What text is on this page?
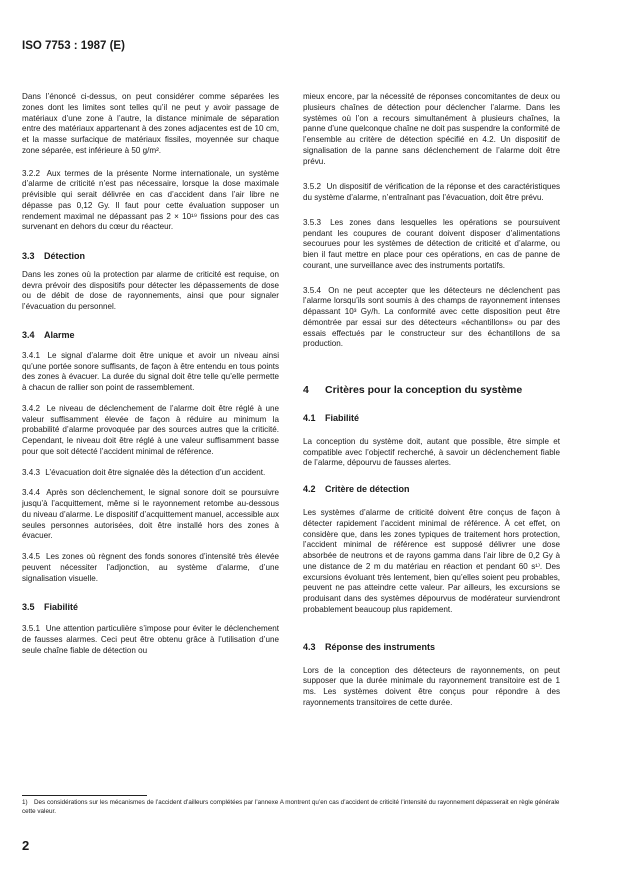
ISO 7753 : 1987 (E)

Dans l’énoncé ci-dessus, on peut considérer comme séparées les zones dont les limites sont telles qu’il ne peut y avoir passage de matériaux d’une zone à l’autre, la distance minimale de séparation entre des matériaux appartenant à des zones adjacentes est de 10 cm, et la masse surfacique de matériaux fissiles, moyennée sur chaque zone séparée, est inférieure à 50 g/m².

3.2.2 Aux termes de la présente Norme internationale, un système d’alarme de criticité n’est pas nécessaire, lorsque la dose maximale prévisible qui serait délivrée en cas d’accident dans l’air libre ne dépasse pas 0,12 Gy. Il faut pour cette évaluation supposer un rendement maximal ne dépassant pas 2 × 10¹⁹ fissions pour des cas survenant en dehors du cœur du réacteur.

3.3 Détection

Dans les zones où la protection par alarme de criticité est requise, on devra prévoir des dispositifs pour détecter les dépassements de dose ou de débit de dose de rayonnements, ainsi que pour signaler l’évacuation du personnel.

3.4 Alarme

3.4.1 Le signal d’alarme doit être unique et avoir un niveau ainsi qu’une portée sonore suffisants, de façon à être entendu en tous points des zones à évacuer. La durée du signal doit être telle qu’elle permette à chacun de rallier son point de rassemblement.

3.4.2 Le niveau de déclenchement de l’alarme doit être réglé à une valeur suffisamment élevée de façon à réduire au minimum la probabilité d’alarme provoquée par des sources autres que la criticité. Cependant, le niveau doit être réglé à une valeur suffisamment basse pour que soit détecté l’accident minimal de référence.

3.4.3 L’évacuation doit être signalée dès la détection d’un accident.

3.4.4 Après son déclenchement, le signal sonore doit se poursuivre jusqu’à l’acquittement, même si le rayonnement retombe au-dessous du niveau d’alarme. Le dispositif d’acquittement manuel, accessible aux seules personnes autorisées, doit être installé hors des zones à évacuer.

3.4.5 Les zones où règnent des fonds sonores d’intensité très élevée peuvent nécessiter l’adjonction, au système d’alarme, d’une signalisation visuelle.

3.5 Fiabilité

3.5.1 Une attention particulière s’impose pour éviter le déclenchement de fausses alarmes. Ceci peut être obtenu grâce à l’utilisation d’une seule chaîne fiable de détection ou

mieux encore, par la nécessité de réponses concomitantes de deux ou plusieurs chaînes de détection pour déclencher l’alarme. Dans les systèmes où l’on a recours simultanément à plusieurs chaînes, la panne d’une quelconque chaîne ne doit pas suspendre la conformité de l’ensemble au critère de détection spécifié en 4.2. Un dispositif de signalisation de la panne sans déclenchement de l’alarme doit être prévu.

3.5.2 Un dispositif de vérification de la réponse et des caractéristiques du système d’alarme, n’entraînant pas l’évacuation, doit être prévu.

3.5.3 Les zones dans lesquelles les opérations se poursuivent pendant les coupures de courant doivent disposer d’alimentations secourues pour les systèmes de détection de criticité et d’alarme, ou bien il faut mettre en place pour ces opérations, en cas de panne de courant, une surveillance avec des instruments portatifs.

3.5.4 On ne peut accepter que les détecteurs ne déclenchent pas l’alarme lorsqu’ils sont soumis à des champs de rayonnement intenses dépassant 10³ Gy/h. La conformité avec cette disposition peut être démontrée par essai sur des détecteurs «échantillons» ou par des essais effectués par le constructeur sur des échantillons de sa production.

4 Critères pour la conception du système
4.1 Fiabilité

La conception du système doit, autant que possible, être simple et compatible avec l’objectif recherché, à savoir un déclenchement fiable de l’alarme, dépourvu de fausses alertes.

4.2 Critère de détection

Les systèmes d’alarme de criticité doivent être conçus de façon à détecter rapidement l’accident minimal de référence. À cet effet, on considère que, dans les zones typiques de traitement hors protection, l’accident minimal de référence est supposé délivrer une dose absorbée de neutrons et de rayons gamma dans l’air libre de 0,2 Gy à une distance de 2 m du matériau en réaction et pendant 60 s¹⁾. Des excursions évoluant très lentement, bien qu’elles soient peu probables, peuvent ne pas atteindre cette valeur. Par ailleurs, les excursions se produisant dans des systèmes dépourvus de modérateur surviendront probablement beaucoup plus rapidement.

4.3 Réponse des instruments

Lors de la conception des détecteurs de rayonnements, on peut supposer que la durée minimale du rayonnement transitoire est de 1 ms. Les systèmes doivent être conçus pour répondre à des rayonnements transitoires de cette durée.

1) Des considérations sur les mécanismes de l’accident d’ailleurs complétées par l’annexe A montrent qu’en cas d’accident de criticité l’intensité du rayonnement dépasserait en règle générale cette valeur.
2
